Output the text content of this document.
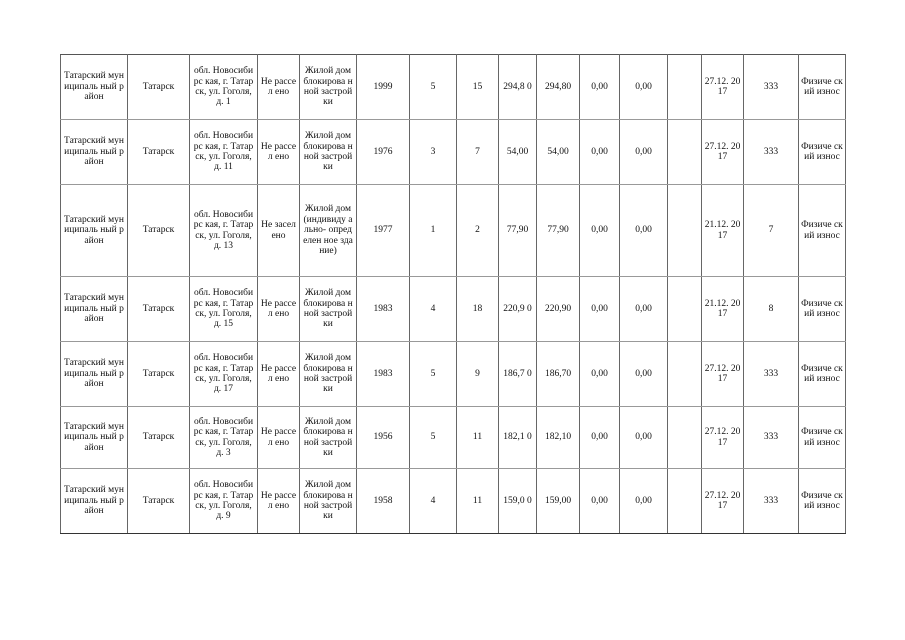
Татарский муниципаль ный район	Татарск	обл. Новосибирс кая, г. Татарск, ул. Гоголя, д. 1	Не рассел ено	Жилой дом блокирова нной застройки	1999	5	15	294,8 0	294,80	0,00	0,00		27.12. 2017	333	Физиче ский износ
Татарский муниципаль ный район	Татарск	обл. Новосибирс кая, г. Татарск, ул. Гоголя, д. 11	Не рассел ено	Жилой дом блокирова нной застройки	1976	3	7	54,00	54,00	0,00	0,00		27.12. 2017	333	Физиче ский износ
Татарский муниципаль ный район	Татарск	обл. Новосибирс кая, г. Татарск, ул. Гоголя, д. 13	Не засел ено	Жилой дом (индивиду ально- определен ное здание)	1977	1	2	77,90	77,90	0,00	0,00		21.12. 2017	7	Физиче ский износ
Татарский муниципаль ный район	Татарск	обл. Новосибирс кая, г. Татарск, ул. Гоголя, д. 15	Не рассел ено	Жилой дом блокирова нной застройки	1983	4	18	220,9 0	220,90	0,00	0,00		21.12. 2017	8	Физиче ский износ
Татарский муниципаль ный район	Татарск	обл. Новосибирс кая, г. Татарск, ул. Гоголя, д. 17	Не рассел ено	Жилой дом блокирова нной застройки	1983	5	9	186,7 0	186,70	0,00	0,00		27.12. 2017	333	Физиче ский износ
Татарский муниципаль ный район	Татарск	обл. Новосибирс кая, г. Татарск, ул. Гоголя, д. 3	Не рассел ено	Жилой дом блокирова нной застройки	1956	5	11	182,1 0	182,10	0,00	0,00		27.12. 2017	333	Физиче ский износ
Татарский муниципаль ный район	Татарск	обл. Новосибирс кая, г. Татарск, ул. Гоголя, д. 9	Не рассел ено	Жилой дом блокирова нной застройки	1958	4	11	159,0 0	159,00	0,00	0,00		27.12. 2017	333	Физиче ский износ
